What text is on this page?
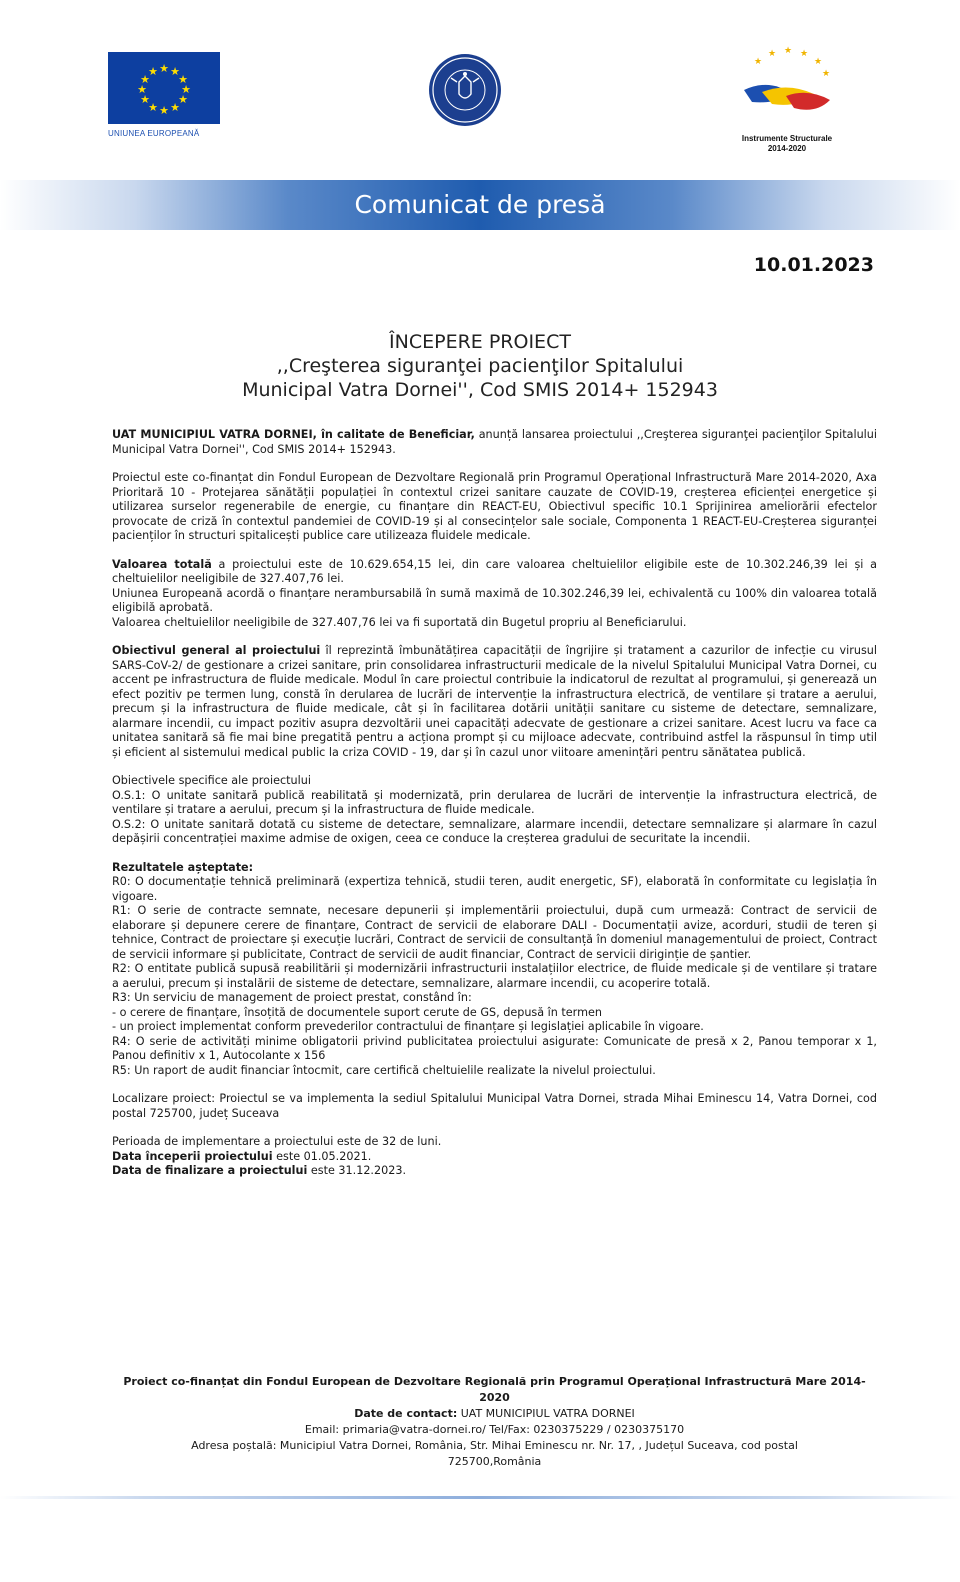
★ ★
★
★
★
★
★
★
★
★
★
★
UNIUNEA EUROPEANĂ
★
★ ★ ★
★
★
Instrumente Structurale
2014-2020
Comunicat de presă
10.01.2023
ÎNCEPERE PROIECT
,,Creşterea siguranţei pacienţilor Spitalului
Municipal Vatra Dornei'', Cod SMIS 2014+ 152943

UAT MUNICIPIUL VATRA DORNEI, în calitate de Beneficiar, anunță lansarea proiectului ,,Creşterea siguranţei pacienţilor Spitalului Municipal Vatra Dornei'', Cod SMIS 2014+ 152943.

Proiectul este co-finanțat din Fondul European de Dezvoltare Regională prin Programul Operațional Infrastructură Mare 2014-2020, Axa Prioritară 10 - Protejarea sănătății populației în contextul crizei sanitare cauzate de COVID-19, creșterea eficienței energetice și utilizarea surselor regenerabile de energie, cu finanțare din REACT-EU, Obiectivul specific 10.1 Sprijinirea ameliorării efectelor provocate de criză în contextul pandemiei de COVID-19 și al consecințelor sale sociale, Componenta 1 REACT-EU-Creșterea siguranței pacienților în structuri spitalicești publice care utilizeaza fluidele medicale.

Valoarea totală a proiectului este de 10.629.654,15 lei, din care valoarea cheltuielilor eligibile este de 10.302.246,39 lei și a cheltuielilor neeligibile de 327.407,76 lei.

Uniunea Europeană acordă o finanțare nerambursabilă în sumă maximă de 10.302.246,39 lei, echivalentă cu 100% din valoarea totală eligibilă aprobată.

Valoarea cheltuielilor neeligibile de 327.407,76 lei va fi suportată din Bugetul propriu al Beneficiarului.

Obiectivul general al proiectului îl reprezintă îmbunătățirea capacității de îngrijire și tratament a cazurilor de infecție cu virusul SARS-CoV-2/ de gestionare a crizei sanitare, prin consolidarea infrastructurii medicale de la nivelul Spitalului Municipal Vatra Dornei, cu accent pe infrastructura de fluide medicale. Modul în care proiectul contribuie la indicatorul de rezultat al programului, și generează un efect pozitiv pe termen lung, constă în derularea de lucrări de intervenție la infrastructura electrică, de ventilare și tratare a aerului, precum și la infrastructura de fluide medicale, cât și în facilitarea dotării unității sanitare cu sisteme de detectare, semnalizare, alarmare incendii, cu impact pozitiv asupra dezvoltării unei capacități adecvate de gestionare a crizei sanitare. Acest lucru va face ca unitatea sanitară să fie mai bine pregatită pentru a acționa prompt și cu mijloace adecvate, contribuind astfel la răspunsul în timp util și eficient al sistemului medical public la criza COVID - 19, dar și în cazul unor viitoare amenințări pentru sănătatea publică.

Obiectivele specifice ale proiectului

O.S.1: O unitate sanitară publică reabilitată și modernizată, prin derularea de lucrări de intervenție la infrastructura electrică, de ventilare și tratare a aerului, precum și la infrastructura de fluide medicale.

O.S.2: O unitate sanitară dotată cu sisteme de detectare, semnalizare, alarmare incendii, detectare semnalizare și alarmare în cazul depășirii concentrației maxime admise de oxigen, ceea ce conduce la creșterea gradului de securitate la incendii.

Rezultatele așteptate:

R0: O documentație tehnică preliminară (expertiza tehnică, studii teren, audit energetic, SF), elaborată în conformitate cu legislația în vigoare.

R1: O serie de contracte semnate, necesare depunerii și implementării proiectului, după cum urmează: Contract de servicii de elaborare și depunere cerere de finanțare, Contract de servicii de elaborare DALI - Documentații avize, acorduri, studii de teren și tehnice, Contract de proiectare și execuție lucrări, Contract de servicii de consultanță în domeniul managementului de proiect, Contract de servicii informare și publicitate, Contract de servicii de audit financiar, Contract de servicii diriginție de șantier.

R2: O entitate publică supusă reabilitării și modernizării infrastructurii instalațiilor electrice, de fluide medicale și de ventilare și tratare a aerului, precum și instalării de sisteme de detectare, semnalizare, alarmare incendii, cu acoperire totală.

R3: Un serviciu de management de proiect prestat, constând în:

- o cerere de finanțare, însoțită de documentele suport cerute de GS, depusă în termen

- un proiect implementat conform prevederilor contractului de finanțare și legislației aplicabile în vigoare.

R4: O serie de activități minime obligatorii privind publicitatea proiectului asigurate: Comunicate de presă x 2, Panou temporar x 1, Panou definitiv x 1, Autocolante x 156

R5: Un raport de audit financiar întocmit, care certifică cheltuielile realizate la nivelul proiectului.

Localizare proiect: Proiectul se va implementa la sediul Spitalului Municipal Vatra Dornei, strada Mihai Eminescu 14, Vatra Dornei, cod postal 725700, județ Suceava

Perioada de implementare a proiectului este de 32 de luni.

Data începerii proiectului este 01.05.2021.

Data de finalizare a proiectului este 31.12.2023.

Proiect co-finanțat din Fondul European de Dezvoltare Regională prin Programul Operațional Infrastructură Mare 2014-2020

Date de contact: UAT MUNICIPIUL VATRA DORNEI

Email: primaria@vatra-dornei.ro/ Tel/Fax: 0230375229 / 0230375170

Adresa poștală: Municipiul Vatra Dornei, România, Str. Mihai Eminescu nr. Nr. 17, , Județul Suceava, cod postal

725700,România
